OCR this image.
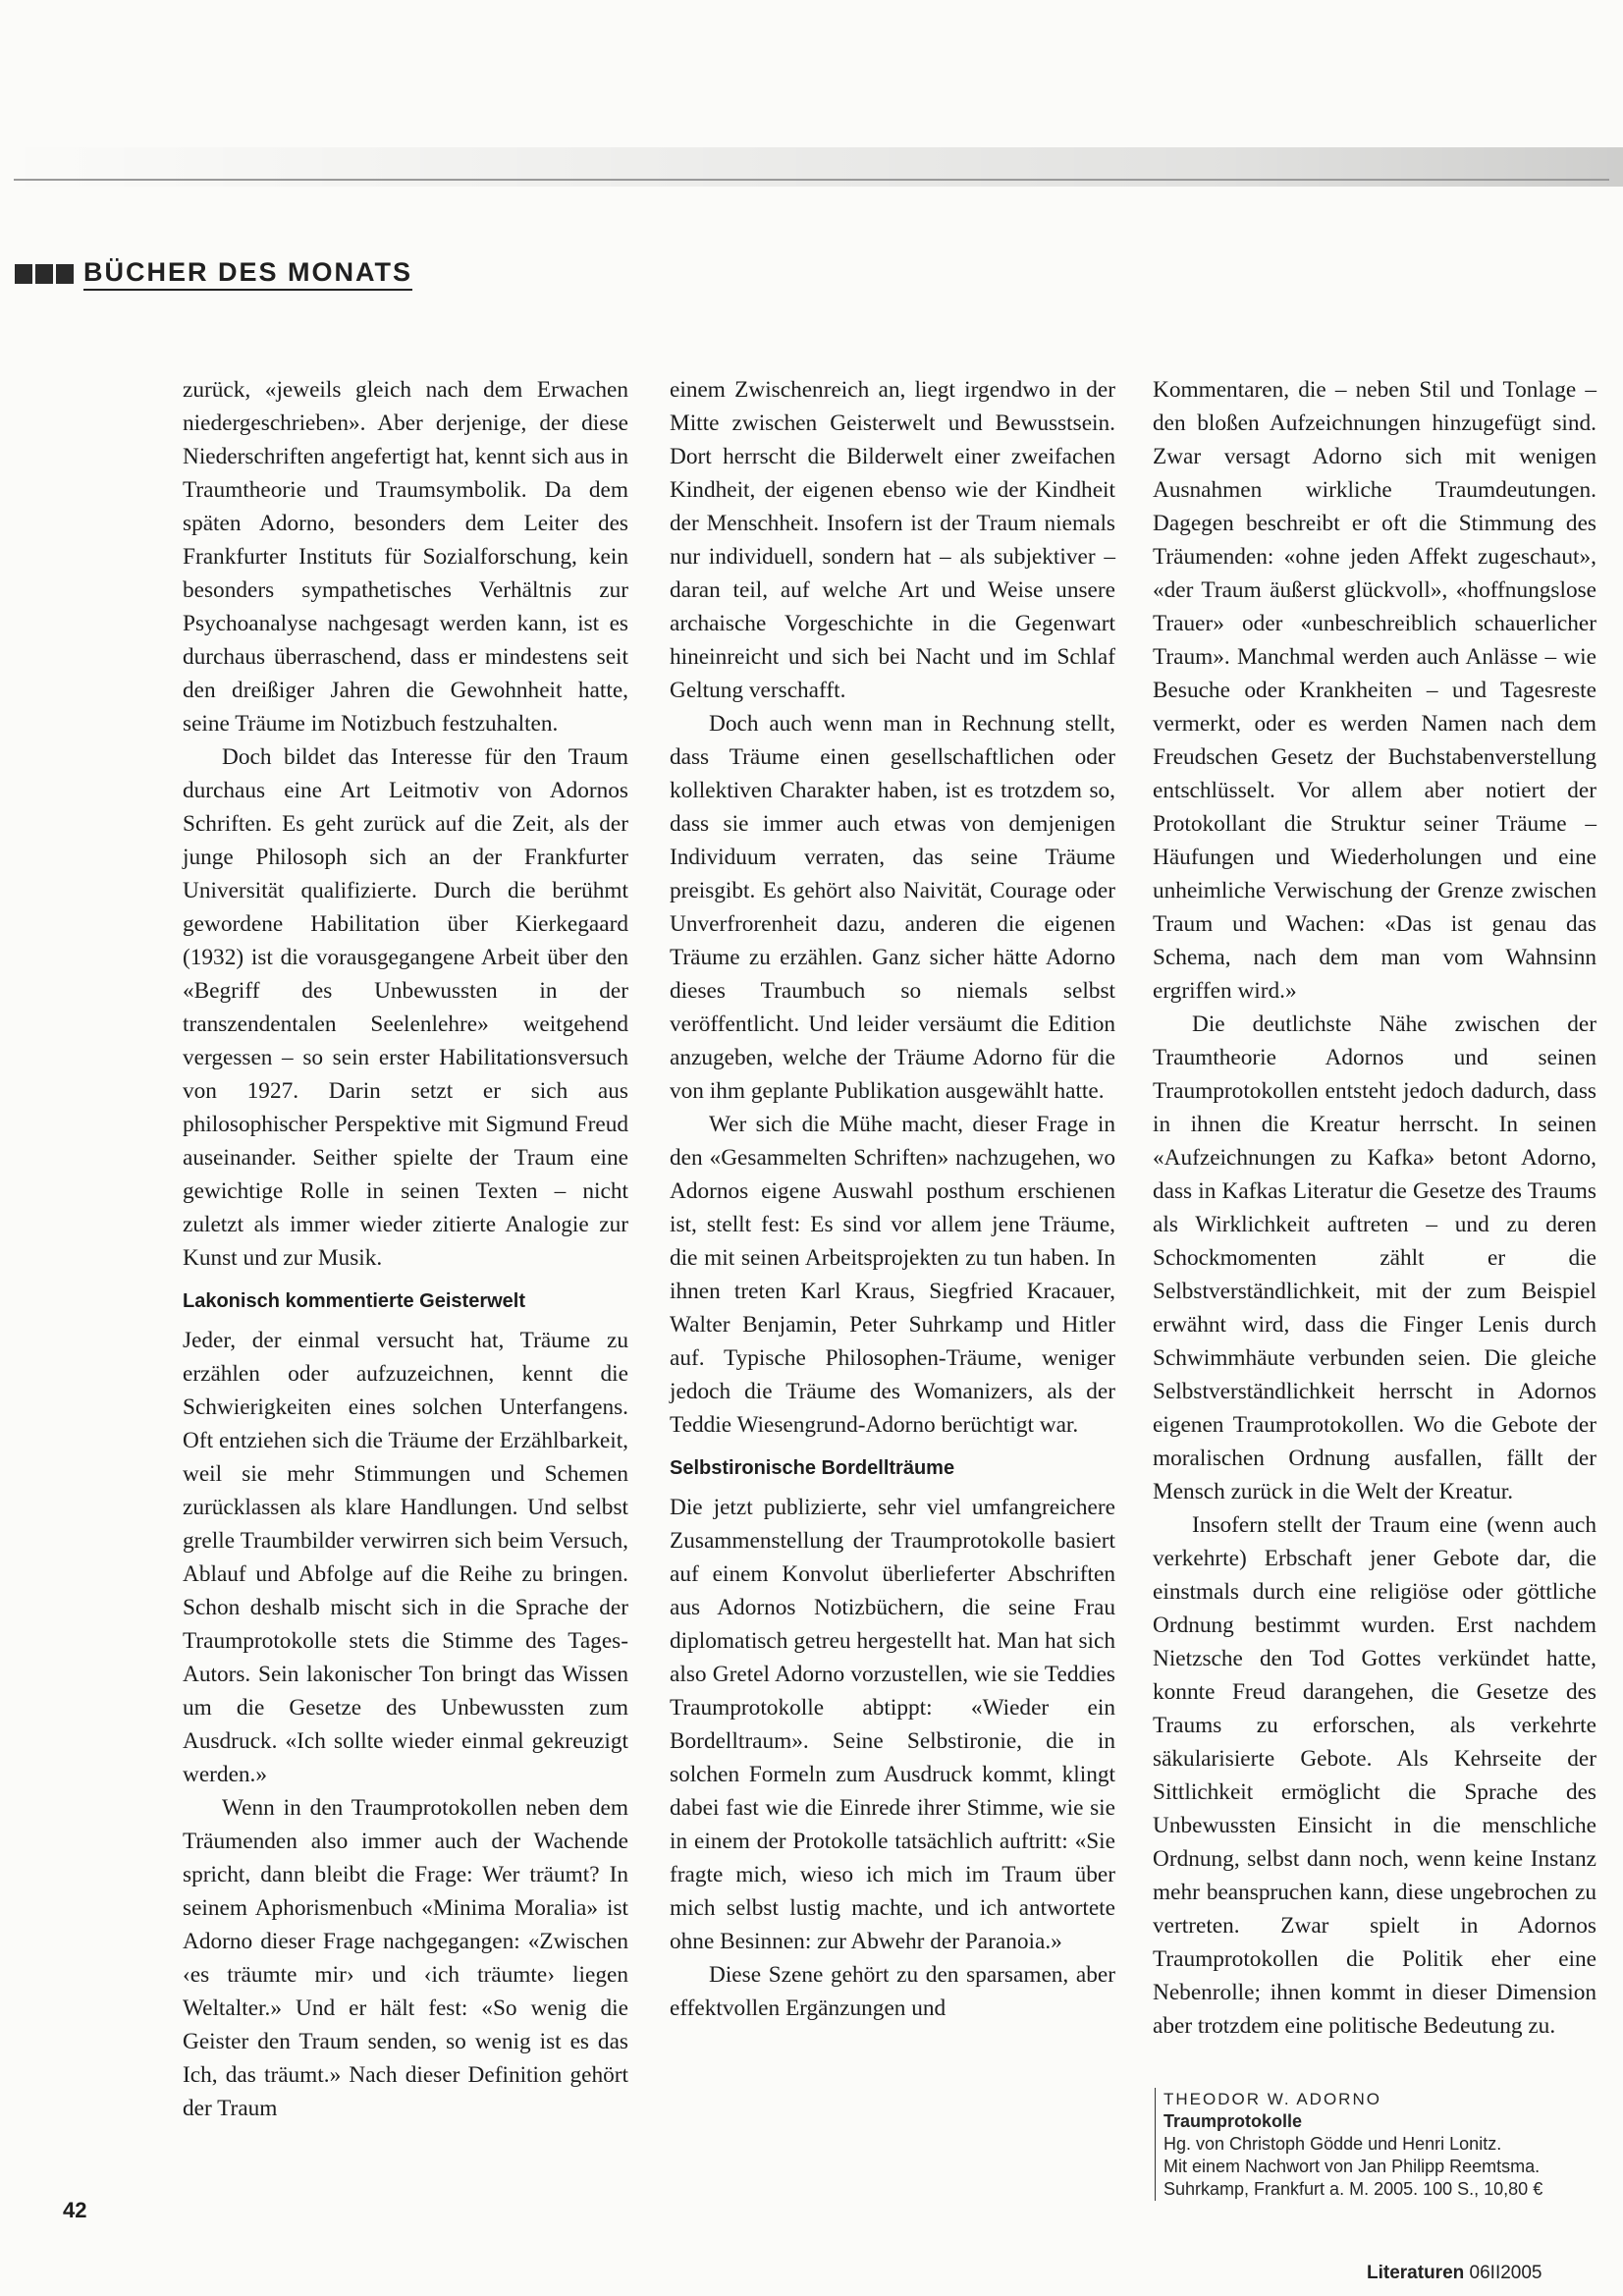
BÜCHER DES MONATS

zurück, «jeweils gleich nach dem Erwachen niedergeschrieben». Aber derjenige, der diese Niederschriften angefertigt hat, kennt sich aus in Traumtheorie und Traumsymbolik. Da dem späten Adorno, besonders dem Leiter des Frankfurter Instituts für Sozialforschung, kein besonders sympathetisches Verhältnis zur Psychoanalyse nachgesagt werden kann, ist es durchaus überraschend, dass er mindestens seit den dreißiger Jahren die Gewohnheit hatte, seine Träume im Notizbuch festzuhalten.

Doch bildet das Interesse für den Traum durchaus eine Art Leitmotiv von Adornos Schriften. Es geht zurück auf die Zeit, als der junge Philosoph sich an der Frankfurter Universität qualifizierte. Durch die berühmt gewordene Habilitation über Kierkegaard (1932) ist die vorausgegangene Arbeit über den «Begriff des Unbewussten in der transzendentalen Seelenlehre» weitgehend vergessen – so sein erster Habilitationsversuch von 1927. Darin setzt er sich aus philosophischer Perspektive mit Sigmund Freud auseinander. Seither spielte der Traum eine gewichtige Rolle in seinen Texten – nicht zuletzt als immer wieder zitierte Analogie zur Kunst und zur Musik.

Lakonisch kommentierte Geisterwelt

Jeder, der einmal versucht hat, Träume zu erzählen oder aufzuzeichnen, kennt die Schwierigkeiten eines solchen Unterfangens. Oft entziehen sich die Träume der Erzählbarkeit, weil sie mehr Stimmungen und Schemen zurücklassen als klare Handlungen. Und selbst grelle Traumbilder verwirren sich beim Versuch, Ablauf und Abfolge auf die Reihe zu bringen. Schon deshalb mischt sich in die Sprache der Traumprotokolle stets die Stimme des Tages-Autors. Sein lakonischer Ton bringt das Wissen um die Gesetze des Unbewussten zum Ausdruck. «Ich sollte wieder einmal gekreuzigt werden.»

Wenn in den Traumprotokollen neben dem Träumenden also immer auch der Wachende spricht, dann bleibt die Frage: Wer träumt? In seinem Aphorismenbuch «Minima Moralia» ist Adorno dieser Frage nachgegangen: «Zwischen ‹es träumte mir› und ‹ich träumte› liegen Weltalter.» Und er hält fest: «So wenig die Geister den Traum senden, so wenig ist es das Ich, das träumt.» Nach dieser Definition gehört der Traum

einem Zwischenreich an, liegt irgendwo in der Mitte zwischen Geisterwelt und Bewusstsein. Dort herrscht die Bilderwelt einer zweifachen Kindheit, der eigenen ebenso wie der Kindheit der Menschheit. Insofern ist der Traum niemals nur individuell, sondern hat – als subjektiver – daran teil, auf welche Art und Weise unsere archaische Vorgeschichte in die Gegenwart hineinreicht und sich bei Nacht und im Schlaf Geltung verschafft.

Doch auch wenn man in Rechnung stellt, dass Träume einen gesellschaftlichen oder kollektiven Charakter haben, ist es trotzdem so, dass sie immer auch etwas von demjenigen Individuum verraten, das seine Träume preisgibt. Es gehört also Naivität, Courage oder Unverfrorenheit dazu, anderen die eigenen Träume zu erzählen. Ganz sicher hätte Adorno dieses Traumbuch so niemals selbst veröffentlicht. Und leider versäumt die Edition anzugeben, welche der Träume Adorno für die von ihm geplante Publikation ausgewählt hatte.

Wer sich die Mühe macht, dieser Frage in den «Gesammelten Schriften» nachzugehen, wo Adornos eigene Auswahl posthum erschienen ist, stellt fest: Es sind vor allem jene Träume, die mit seinen Arbeitsprojekten zu tun haben. In ihnen treten Karl Kraus, Siegfried Kracauer, Walter Benjamin, Peter Suhrkamp und Hitler auf. Typische Philosophen-Träume, weniger jedoch die Träume des Womanizers, als der Teddie Wiesengrund-Adorno berüchtigt war.

Selbstironische Bordellträume

Die jetzt publizierte, sehr viel umfangreichere Zusammenstellung der Traumprotokolle basiert auf einem Konvolut überlieferter Abschriften aus Adornos Notizbüchern, die seine Frau diplomatisch getreu hergestellt hat. Man hat sich also Gretel Adorno vorzustellen, wie sie Teddies Traumprotokolle abtippt: «Wieder ein Bordelltraum». Seine Selbstironie, die in solchen Formeln zum Ausdruck kommt, klingt dabei fast wie die Einrede ihrer Stimme, wie sie in einem der Protokolle tatsächlich auftritt: «Sie fragte mich, wieso ich mich im Traum über mich selbst lustig machte, und ich antwortete ohne Besinnen: zur Abwehr der Paranoia.»

Diese Szene gehört zu den sparsamen, aber effektvollen Ergänzungen und

Kommentaren, die – neben Stil und Tonlage – den bloßen Aufzeichnungen hinzugefügt sind. Zwar versagt Adorno sich mit wenigen Ausnahmen wirkliche Traumdeutungen. Dagegen beschreibt er oft die Stimmung des Träumenden: «ohne jeden Affekt zugeschaut», «der Traum äußerst glückvoll», «hoffnungslose Trauer» oder «unbeschreiblich schauerlicher Traum». Manchmal werden auch Anlässe – wie Besuche oder Krankheiten – und Tagesreste vermerkt, oder es werden Namen nach dem Freudschen Gesetz der Buchstabenverstellung entschlüsselt. Vor allem aber notiert der Protokollant die Struktur seiner Träume – Häufungen und Wiederholungen und eine unheimliche Verwischung der Grenze zwischen Traum und Wachen: «Das ist genau das Schema, nach dem man vom Wahnsinn ergriffen wird.»

Die deutlichste Nähe zwischen der Traumtheorie Adornos und seinen Traumprotokollen entsteht jedoch dadurch, dass in ihnen die Kreatur herrscht. In seinen «Aufzeichnungen zu Kafka» betont Adorno, dass in Kafkas Literatur die Gesetze des Traums als Wirklichkeit auftreten – und zu deren Schockmomenten zählt er die Selbstverständlichkeit, mit der zum Beispiel erwähnt wird, dass die Finger Lenis durch Schwimmhäute verbunden seien. Die gleiche Selbstverständlichkeit herrscht in Adornos eigenen Traumprotokollen. Wo die Gebote der moralischen Ordnung ausfallen, fällt der Mensch zurück in die Welt der Kreatur.

Insofern stellt der Traum eine (wenn auch verkehrte) Erbschaft jener Gebote dar, die einstmals durch eine religiöse oder göttliche Ordnung bestimmt wurden. Erst nachdem Nietzsche den Tod Gottes verkündet hatte, konnte Freud darangehen, die Gesetze des Traums zu erforschen, als verkehrte säkularisierte Gebote. Als Kehrseite der Sittlichkeit ermöglicht die Sprache des Unbewussten Einsicht in die menschliche Ordnung, selbst dann noch, wenn keine Instanz mehr beanspruchen kann, diese ungebrochen zu vertreten. Zwar spielt in Adornos Traumprotokollen die Politik eher eine Nebenrolle; ihnen kommt in dieser Dimension aber trotzdem eine politische Bedeutung zu.

THEODOR W. ADORNO
Traumprotokolle
Hg. von Christoph Gödde und Henri Lonitz.
Mit einem Nachwort von Jan Philipp Reemtsma.
Suhrkamp, Frankfurt a. M. 2005. 100 S., 10,80 €
42
Literaturen 06II2005
